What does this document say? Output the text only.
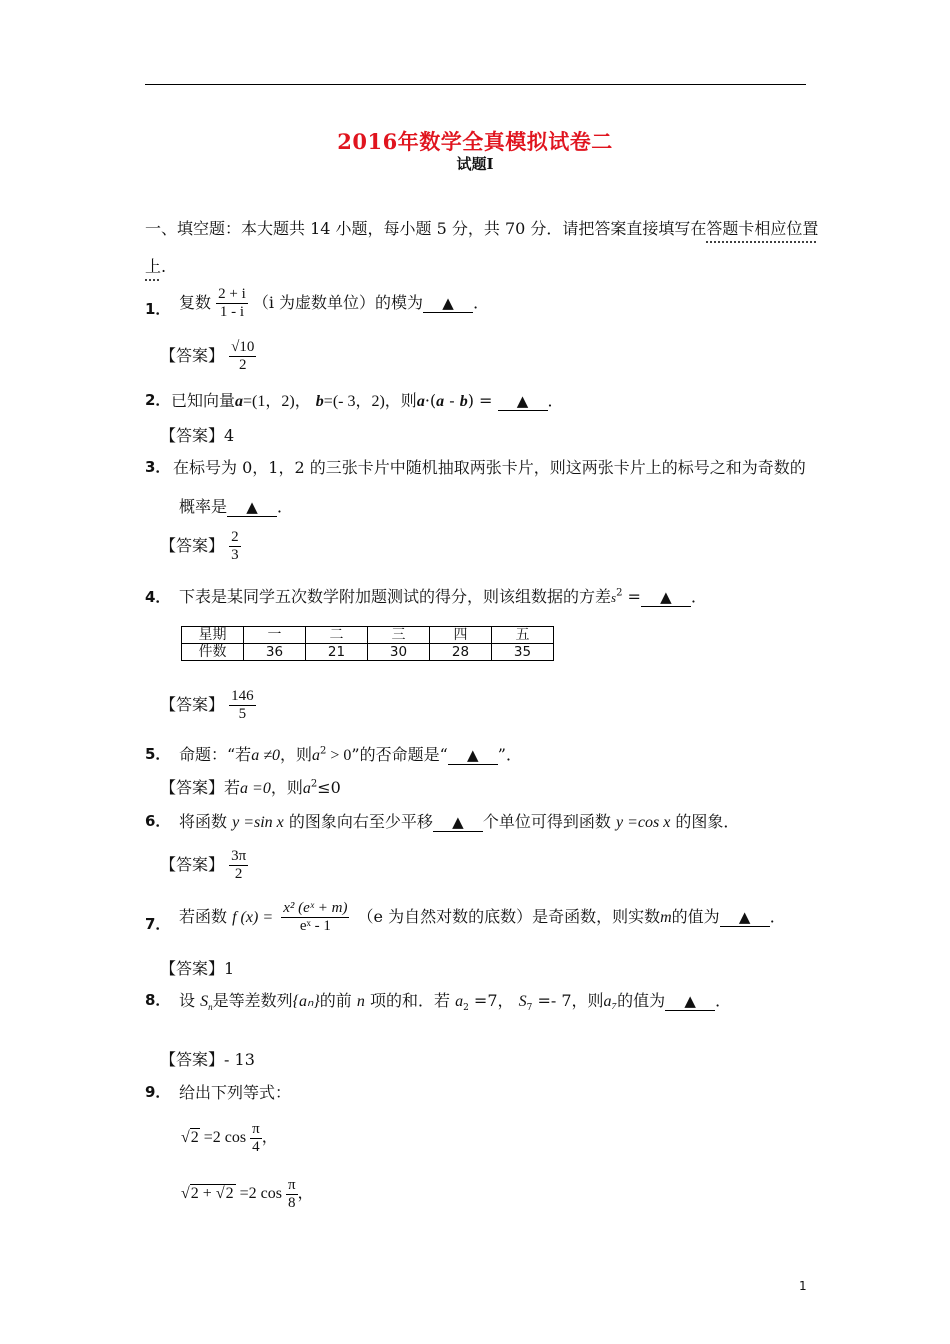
2016年数学全真模拟试卷二
试题Ⅰ
一、填空题：本大题共 14 小题，每小题 5 分，共 70 分．请把答案直接填写在答题卡相应位置
上.
1． 复数 $\frac{2 + i}{1 - i} (i$ 为虚数单位）的模为 ▲ ．
【答案】 $\frac{√10}{2}$
2． 已知向量a=(1，2)， b=(- 3，2)，则a·(a - b) = ▲ ．
【答案】4
3． 在标号为 0，1，2 的三张卡片中随机抽取两张卡片，则这两张卡片上的标号之和为奇数的
概率是 ▲ ．
【答案】 $\frac{2}{3}$
4． 下表是某同学五次数学附加题测试的得分，则该组数据的方差$s^2$ = ▲ ．
星期	一	二	三	四	五
件数	36	21	30	28	35
【答案】 $\frac{146}{5}$
5． 命题：“若a ≠0，则$a^2 > 0$”的否命题是“ ▲ ”．
【答案】若a =0，则$a^2\le 0$
6． 将函数 y =sin x 的图象向右至少平移 ▲ 个单位可得到函数 y =cos x 的图象．
【答案】 $\frac{3\pi}{2}$
7． 若函数 f $(x) = \frac{\text{x² (eˣ + m)}}{\text{eˣ - 1}} (e$ 为自然对数的底数）是奇函数，则实数m的值为 ▲ ．
【答案】1
8． 设 $S_n$是等差数列{aₙ}的前 n 项的和．若 $a_2 =7$， $S_7 =- 7$，则a₇的值为 ▲ ．
【答案】- 13
9． 给出下列等式：
√2 =2 $\cos \frac{\pi}{4}$ ，
√2 + √2 =2 $\cos \frac{\pi}{8}$ ，
1
